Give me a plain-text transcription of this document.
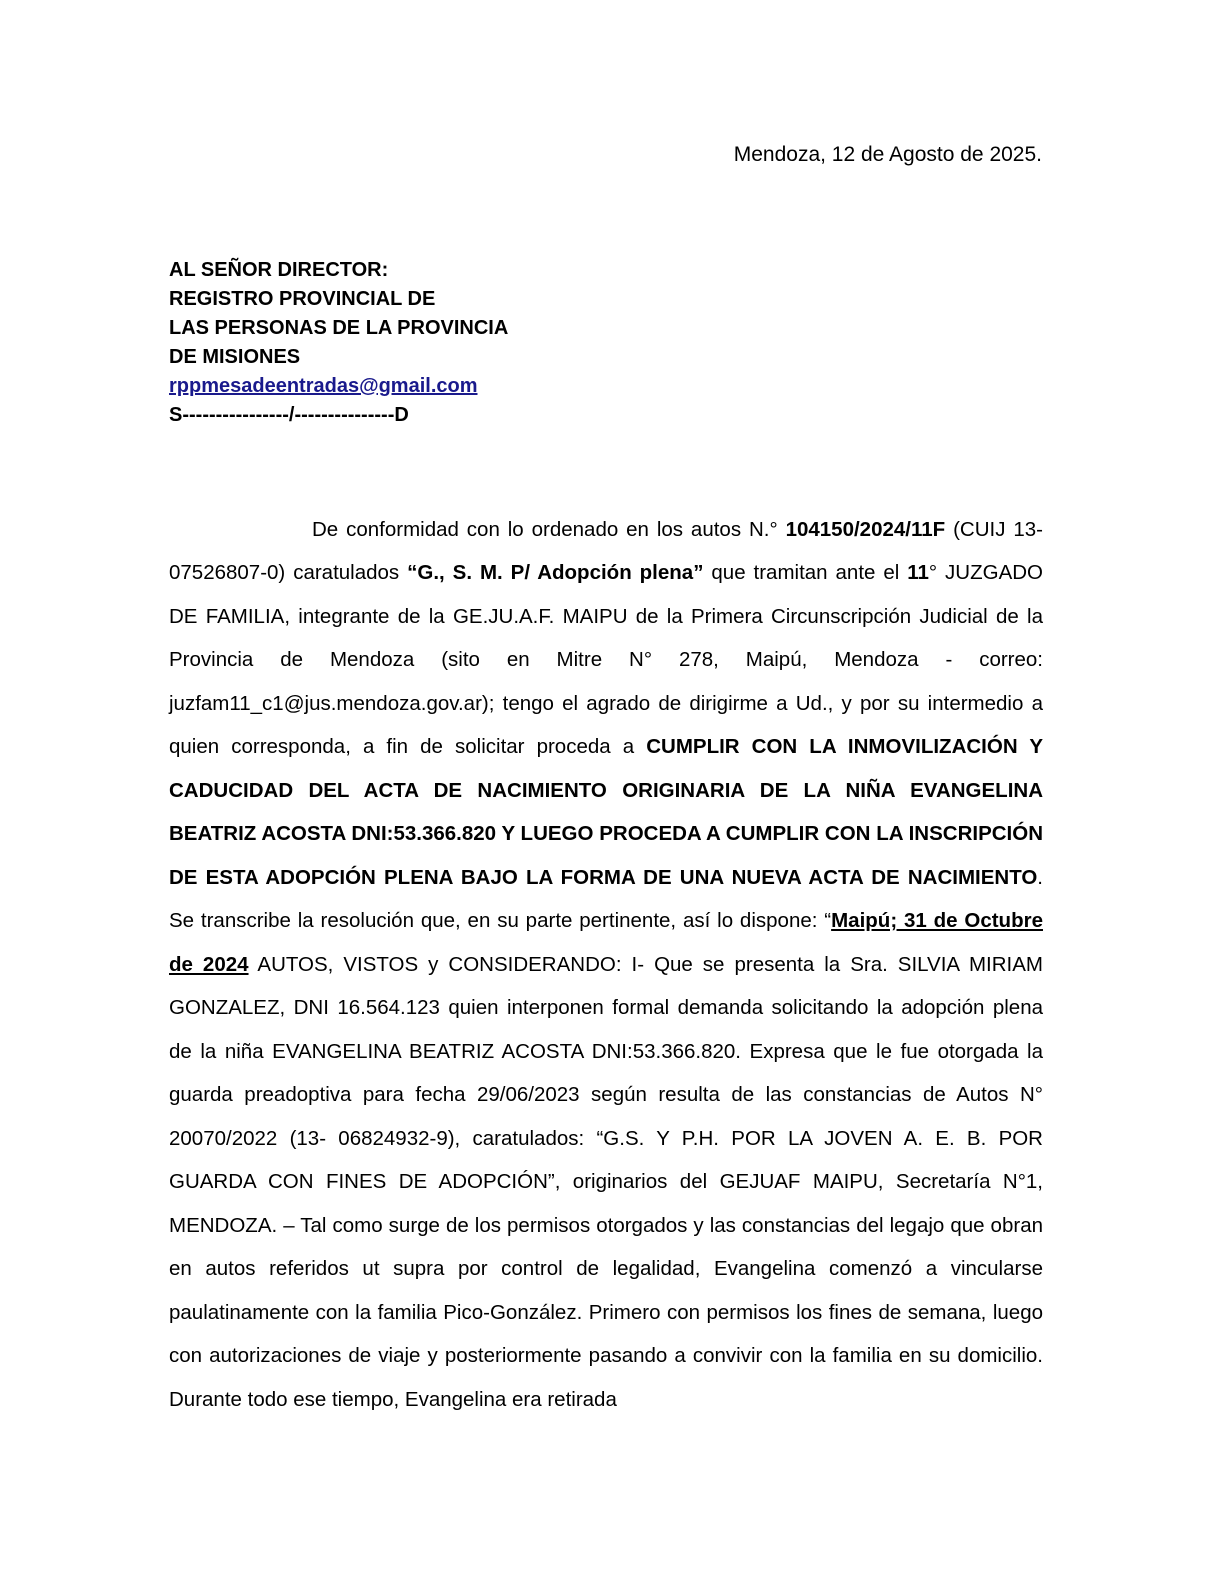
Mendoza, 12 de Agosto de 2025.
AL SEÑOR DIRECTOR:
REGISTRO PROVINCIAL DE
LAS PERSONAS DE LA PROVINCIA
DE MISIONES
rppmesadeentradas@gmail.com
S----------------/---------------D

De conformidad con lo ordenado en los autos N.° 104150/2024/11F (CUIJ 13-07526807-0) caratulados “G., S. M. P/ Adopción plena” que tramitan ante el 11° JUZGADO DE FAMILIA, integrante de la GE.JU.A.F. MAIPU de la Primera Circunscripción Judicial de la Provincia de Mendoza (sito en Mitre N° 278, Maipú, Mendoza - correo: juzfam11_c1@jus.mendoza.gov.ar); tengo el agrado de dirigirme a Ud., y por su intermedio a quien corresponda, a fin de solicitar proceda a CUMPLIR CON LA INMOVILIZACIÓN Y CADUCIDAD DEL ACTA DE NACIMIENTO ORIGINARIA DE LA NIÑA EVANGELINA BEATRIZ ACOSTA DNI:53.366.820 Y LUEGO PROCEDA A CUMPLIR CON LA INSCRIPCIÓN DE ESTA ADOPCIÓN PLENA BAJO LA FORMA DE UNA NUEVA ACTA DE NACIMIENTO. Se transcribe la resolución que, en su parte pertinente, así lo dispone: “Maipú; 31 de Octubre de 2024 AUTOS, VISTOS y CONSIDERANDO: I- Que se presenta la Sra. SILVIA MIRIAM GONZALEZ, DNI 16.564.123 quien interponen formal demanda solicitando la adopción plena de la niña EVANGELINA BEATRIZ ACOSTA DNI:53.366.820. Expresa que le fue otorgada la guarda preadoptiva para fecha 29/06/2023 según resulta de las constancias de Autos N° 20070/2022 (13- 06824932-9), caratulados: “G.S. Y P.H. POR LA JOVEN A. E. B. POR GUARDA CON FINES DE ADOPCIÓN”, originarios del GEJUAF MAIPU, Secretaría N°1, MENDOZA. – Tal como surge de los permisos otorgados y las constancias del legajo que obran en autos referidos ut supra por control de legalidad, Evangelina comenzó a vincularse paulatinamente con la familia Pico-González. Primero con permisos los fines de semana, luego con autorizaciones de viaje y posteriormente pasando a convivir con la familia en su domicilio. Durante todo ese tiempo, Evangelina era retirada
